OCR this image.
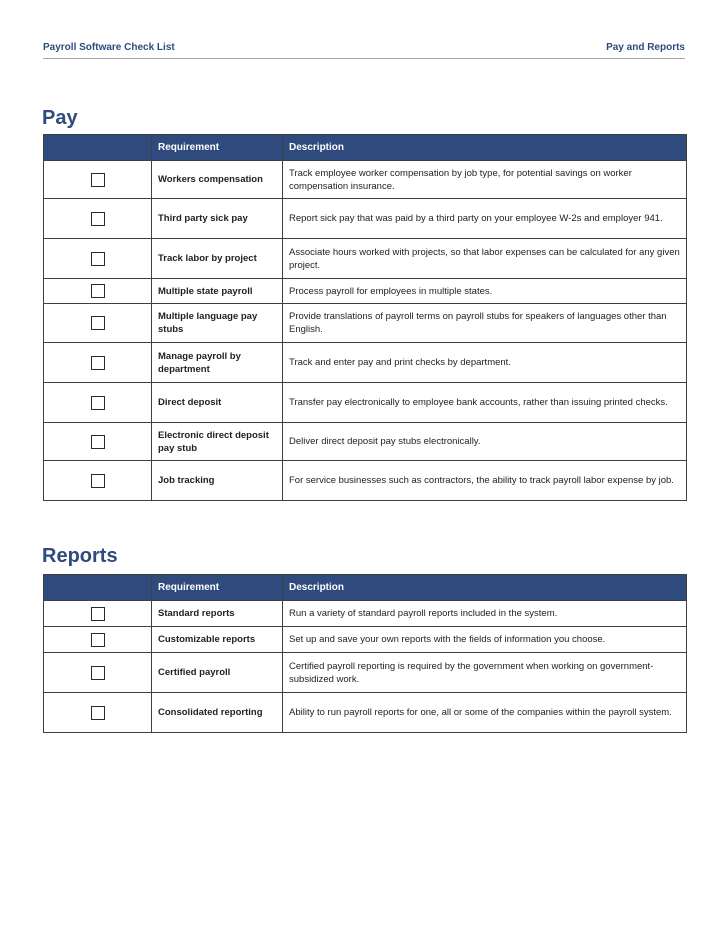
Payroll Software Check List	Pay and Reports
Pay
	Requirement	Description
	Workers compensation	Track employee worker compensation by job type, for potential savings on worker compensation insurance.
	Third party sick pay	Report sick pay that was paid by a third party on your employee W-2s and employer 941.
	Track labor by project	Associate hours worked with projects, so that labor expenses can be calculated for any given project.
	Multiple state payroll	Process payroll for employees in multiple states.
	Multiple language pay stubs	Provide translations of payroll terms on payroll stubs for speakers of languages other than English.
	Manage payroll by department	Track and enter pay and print checks by department.
	Direct deposit	Transfer pay electronically to employee bank accounts, rather than issuing printed checks.
	Electronic direct deposit pay stub	Deliver direct deposit pay stubs electronically.
	Job tracking	For service businesses such as contractors, the ability to track payroll labor expense by job.
Reports
	Requirement	Description
	Standard reports	Run a variety of standard payroll reports included in the system.
	Customizable reports	Set up and save your own reports with the fields of information you choose.
	Certified payroll	Certified payroll reporting is required by the government when working on government-subsidized work.
	Consolidated reporting	Ability to run payroll reports for one, all or some of the companies within the payroll system.
